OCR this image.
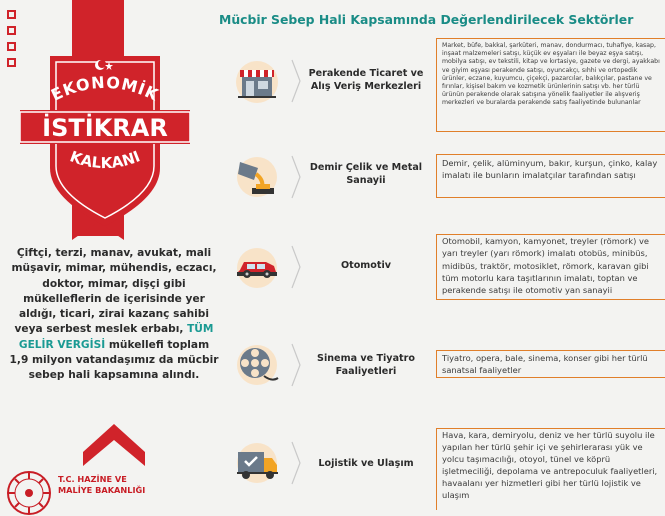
EKONOMİK
İSTİKRAR
KALKANI
Çiftçi, terzi, manav, avukat, mali müşavir, mimar, mühendis, eczacı, doktor, mimar, dişçi gibi mükelleflerin de içerisinde yer aldığı, ticari, zirai kazanç sahibi veya serbest meslek erbabı, TÜM GELİR VERGİSİ mükellefi toplam 1,9 milyon vatandaşımız da mücbir sebep hali kapsamına alındı.
T.C. HAZİNE VE
MALİYE BAKANLIĞI
Mücbir Sebep Hali Kapsamında Değerlendirilecek Sektörler
Perakende Ticaret ve Alış Veriş Merkezleri
Market, büfe, bakkal, şarküteri, manav, dondurmacı, tuhafiye, kasap, inşaat malzemeleri satışı, küçük ev eşyaları ile beyaz eşya satışı, mobilya satışı, ev tekstili, kitap ve kırtasiye, gazete ve dergi, ayakkabı ve giyim eşyası perakende satışı, oyuncakçı, sıhhi ve ortopedik ürünler, eczane, kuyumcu, çiçekçi, pazarcılar, balıkçılar, pastane ve fırınlar, kişisel bakım ve kozmetik ürünlerinin satışı vb. her türlü ürünün perakende olarak satışına yönelik faaliyetler ile alışveriş merkezleri ve buralarda perakende satış faaliyetinde bulunanlar
Demir Çelik ve Metal Sanayii
Demir, çelik, alüminyum, bakır, kurşun, çinko, kalay imalatı ile bunların imalatçılar tarafından satışı
Otomotiv
Otomobil, kamyon, kamyonet, treyler (römork) ve yarı treyler (yarı römork) imalatı otobüs, minibüs, midibüs, traktör, motosiklet, römork, karavan gibi tüm motorlu kara taşıtlarının imalatı, toptan ve perakende satışı ile otomotiv yan sanayii
Sinema ve Tiyatro Faaliyetleri
Tiyatro, opera, bale, sinema, konser gibi her türlü sanatsal faaliyetler
Lojistik ve Ulaşım
Hava, kara, demiryolu, deniz ve her türlü suyolu ile yapılan her türlü şehir içi ve şehirlerarası yük ve yolcu taşımacılığı, otoyol, tünel ve köprü işletmeciliği, depolama ve antrepoculuk faaliyetleri, havaalanı yer hizmetleri gibi her türlü lojistik ve ulaşım
